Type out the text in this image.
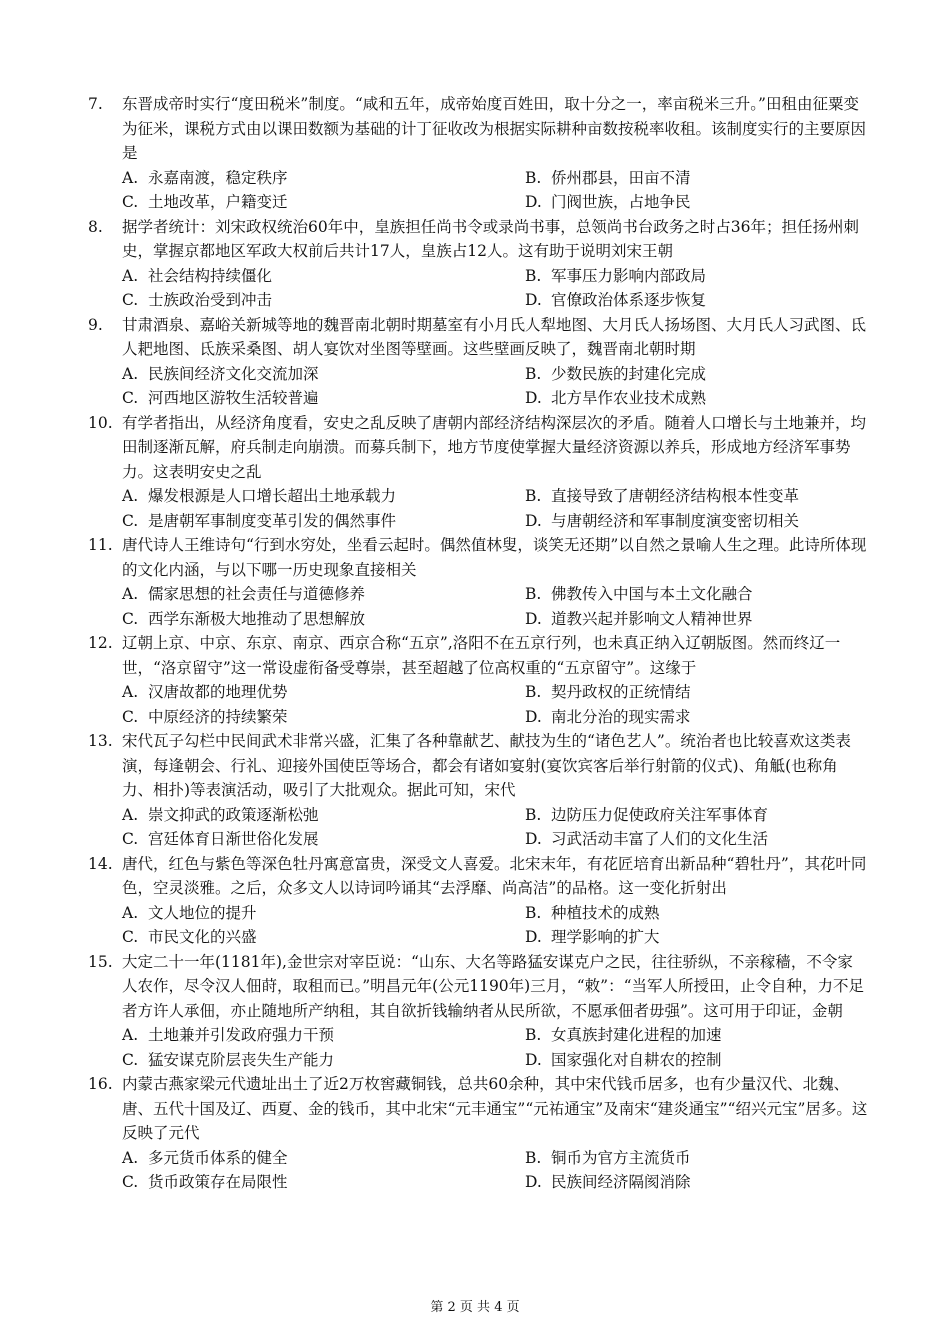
7.	东晋成帝时实行“度田税米”制度。“咸和五年，成帝始度百姓田，取十分之一，率亩税米三升。”田租由征粟变为征米，课税方式由以课田数额为基础的计丁征收改为根据实际耕种亩数按税率收租。该制度实行的主要原因是
A. 永嘉南渡，稳定秩序	B. 侨州郡县，田亩不清
C. 土地改革，户籍变迁	D. 门阀世族，占地争民
8.	据学者统计：刘宋政权统治60年中，皇族担任尚书令或录尚书事，总领尚书台政务之时占36年；担任扬州刺史，掌握京都地区军政大权前后共计17人，皇族占12人。这有助于说明刘宋王朝
A. 社会结构持续僵化	B. 军事压力影响内部政局
C. 士族政治受到冲击	D. 官僚政治体系逐步恢复
9.	甘肃酒泉、嘉峪关新城等地的魏晋南北朝时期墓室有小月氏人犁地图、大月氏人扬场图、大月氏人习武图、氐人耙地图、氐族采桑图、胡人宴饮对坐图等壁画。这些壁画反映了，魏晋南北朝时期
A. 民族间经济文化交流加深	B. 少数民族的封建化完成
C. 河西地区游牧生活较普遍	D. 北方旱作农业技术成熟
10. 有学者指出，从经济角度看，安史之乱反映了唐朝内部经济结构深层次的矛盾。随着人口增长与土地兼并，均田制逐渐瓦解，府兵制走向崩溃。而募兵制下，地方节度使掌握大量经济资源以养兵，形成地方经济军事势力。这表明安史之乱
A. 爆发根源是人口增长超出土地承载力	B. 直接导致了唐朝经济结构根本性变革
C. 是唐朝军事制度变革引发的偶然事件	D. 与唐朝经济和军事制度演变密切相关
11. 唐代诗人王维诗句“行到水穷处，坐看云起时。偶然值林叟，谈笑无还期”以自然之景喻人生之理。此诗所体现的文化内涵，与以下哪一历史现象直接相关
A. 儒家思想的社会责任与道德修养	B. 佛教传入中国与本土文化融合
C. 西学东渐极大地推动了思想解放	D. 道教兴起并影响文人精神世界
12. 辽朝上京、中京、东京、南京、西京合称“五京”,洛阳不在五京行列，也未真正纳入辽朝版图。然而终辽一世，“洛京留守”这一常设虚衔备受尊崇，甚至超越了位高权重的“五京留守”。这缘于
A. 汉唐故都的地理优势	B. 契丹政权的正统情结
C. 中原经济的持续繁荣	D. 南北分治的现实需求
13. 宋代瓦子勾栏中民间武术非常兴盛，汇集了各种靠献艺、献技为生的“诸色艺人”。统治者也比较喜欢这类表演，每逢朝会、行礼、迎接外国使臣等场合，都会有诸如宴射(宴饮宾客后举行射箭的仪式)、角觝(也称角力、相扑)等表演活动，吸引了大批观众。据此可知，宋代
A. 崇文抑武的政策逐渐松弛	B. 边防压力促使政府关注军事体育
C. 宫廷体育日渐世俗化发展	D. 习武活动丰富了人们的文化生活
14. 唐代，红色与紫色等深色牡丹寓意富贵，深受文人喜爱。北宋末年，有花匠培育出新品种“碧牡丹”，其花叶同色，空灵淡雅。之后，众多文人以诗词吟诵其“去浮靡、尚高洁”的品格。这一变化折射出
A. 文人地位的提升	B. 种植技术的成熟
C. 市民文化的兴盛	D. 理学影响的扩大
15. 大定二十一年(1181年),金世宗对宰臣说：“山东、大名等路猛安谋克户之民，往往骄纵，不亲稼穑，不令家人农作，尽令汉人佃莳，取租而已。”明昌元年(公元1190年)三月，“敕”：“当军人所授田，止令自种，力不足者方许人承佃，亦止随地所产纳租，其自欲折钱输纳者从民所欲，不愿承佃者毋强”。这可用于印证，金朝
A. 土地兼并引发政府强力干预	B. 女真族封建化进程的加速
C. 猛安谋克阶层丧失生产能力	D. 国家强化对自耕农的控制
16. 内蒙古燕家梁元代遗址出土了近2万枚窖藏铜钱，总共60余种，其中宋代钱币居多，也有少量汉代、北魏、唐、五代十国及辽、西夏、金的钱币，其中北宋“元丰通宝”“元祐通宝”及南宋“建炎通宝”“绍兴元宝”居多。这反映了元代
A. 多元货币体系的健全	B. 铜币为官方主流货币
C. 货币政策存在局限性	D. 民族间经济隔阂消除
第 2 页 共 4 页
